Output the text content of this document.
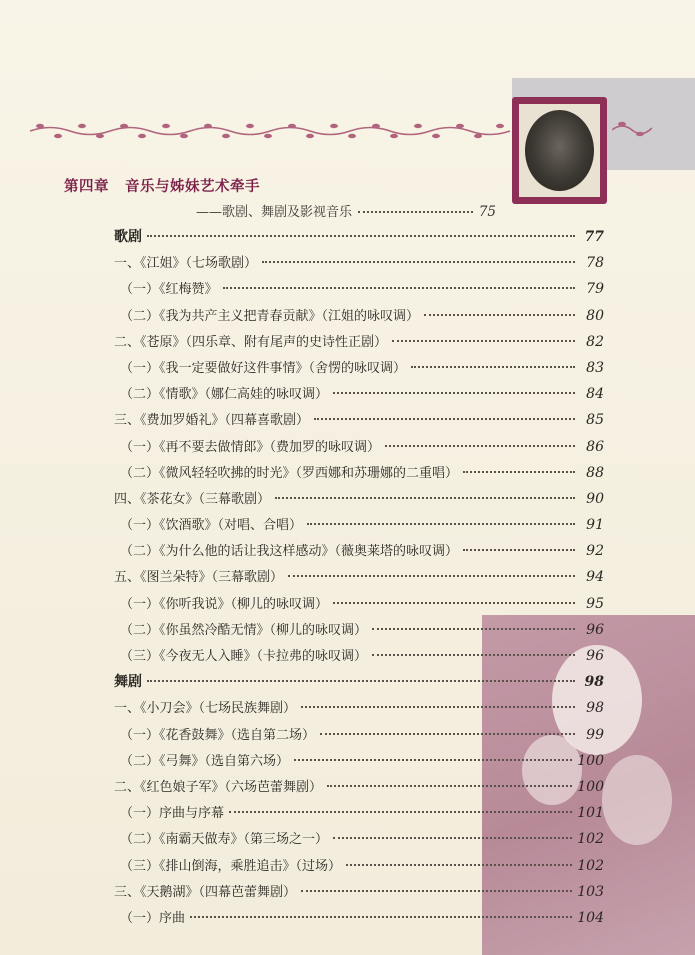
第四章 音乐与姊妹艺术牵手
——歌剧、舞剧及影视音乐	75
歌剧	77
一、《江姐》（七场歌剧）	78
（一）《红梅赞》	79
（二）《我为共产主义把青春贡献》（江姐的咏叹调）	80
二、《苍原》（四乐章、附有尾声的史诗性正剧）	82
（一）《我一定要做好这件事情》（舍愣的咏叹调）	83
（二）《情歌》（娜仁高娃的咏叹调）	84
三、《费加罗婚礼》（四幕喜歌剧）	85
（一）《再不要去做情郎》（费加罗的咏叹调）	86
（二）《微风轻轻吹拂的时光》（罗西娜和苏珊娜的二重唱）	88
四、《茶花女》（三幕歌剧）	90
（一）《饮酒歌》（对唱、合唱）	91
（二）《为什么他的话让我这样感动》（薇奥莱塔的咏叹调）	92
五、《图兰朵特》（三幕歌剧）	94
（一）《你听我说》（柳儿的咏叹调）	95
（二）《你虽然冷酷无情》（柳儿的咏叹调）	96
（三）《今夜无人入睡》（卡拉弗的咏叹调）	96
舞剧	98
一、《小刀会》（七场民族舞剧）	98
（一）《花香鼓舞》（选自第二场）	99
（二）《弓舞》（选自第六场）	100
二、《红色娘子军》（六场芭蕾舞剧）	100
（一）序曲与序幕	101
（二）《南霸天做寿》（第三场之一）	102
（三）《排山倒海，乘胜追击》（过场）	102
三、《天鹅湖》（四幕芭蕾舞剧）	103
（一）序曲	104
